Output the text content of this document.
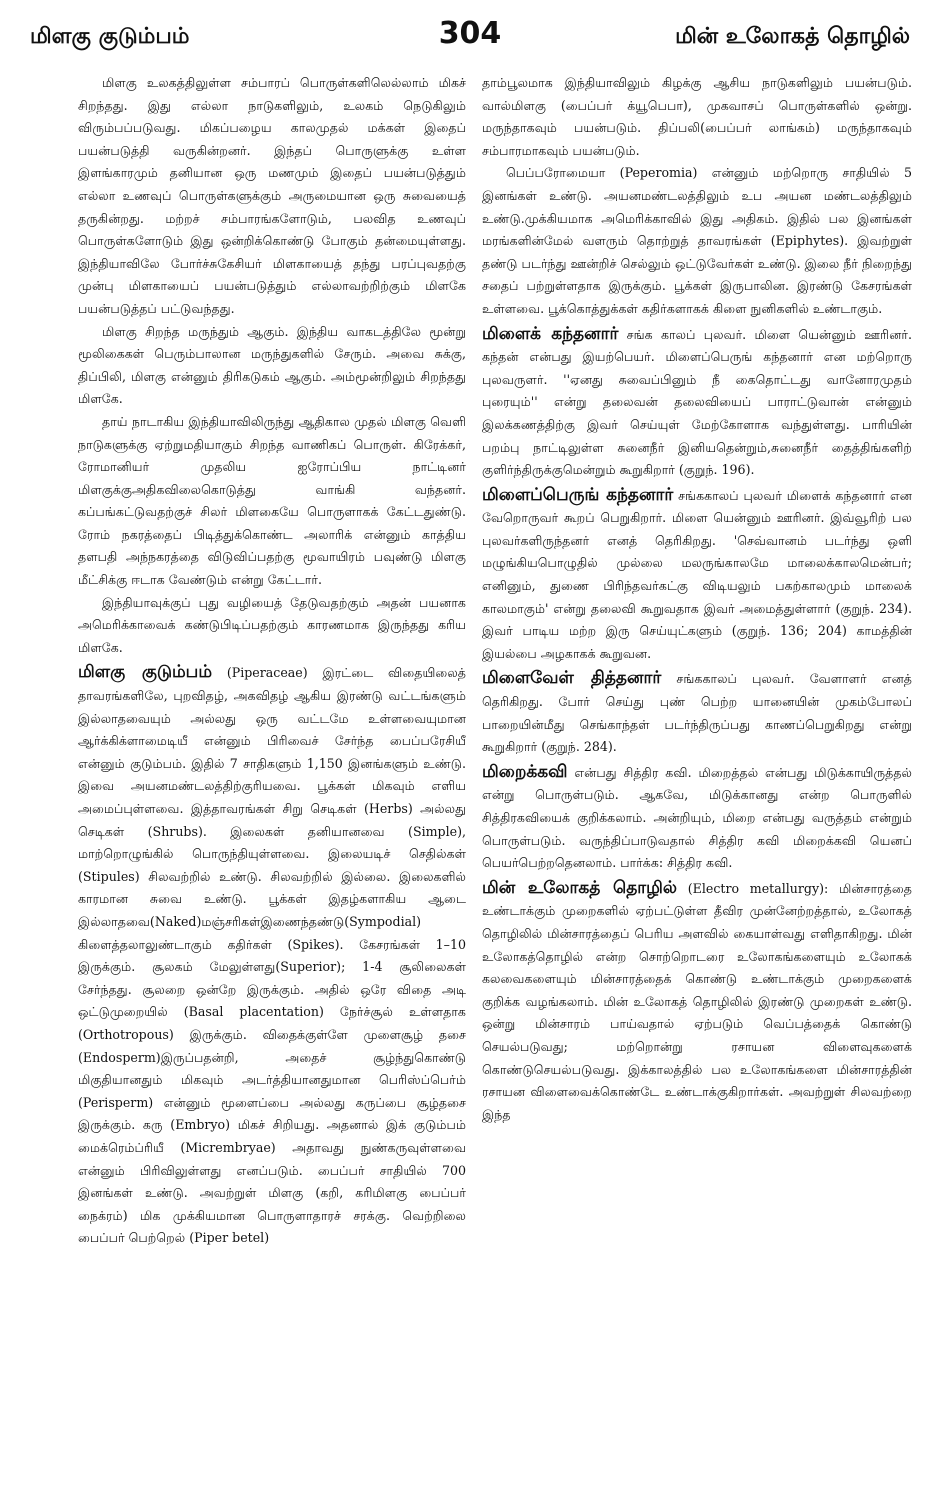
மிளகு குடும்பம்	304	மின் உலோகத் தொழில்

மிளகு உலகத்திலுள்ள சம்பாரப் பொருள்களிலெல்லாம் மிகச் சிறந்தது. இது எல்லா நாடுகளிலும், உலகம் நெடுகிலும் விரும்பப்படுவது. மிகப்பழைய காலமுதல் மக்கள் இதைப் பயன்படுத்தி வருகின்றனர். இந்தப் பொருளுக்கு உள்ள இளங்காரமும் தனியான ஒரு மணமும் இதைப் பயன்படுத்தும் எல்லா உணவுப் பொருள்களுக்கும் அருமையான ஒரு சுவையைத் தருகின்றது. மற்றச் சம்பாரங்களோடும், பலவித உணவுப் பொருள்களோடும் இது ஒன்றிக்கொண்டு போகும் தன்மையுள்ளது. இந்தியாவிலே போர்ச்சுகேசியர் மிளகாயைத் தந்து பரப்புவதற்கு முன்பு மிளகாயைப் பயன்படுத்தும் எல்லாவற்றிற்கும் மிளகே பயன்படுத்தப் பட்டுவந்தது.

மிளகு சிறந்த மருந்தும் ஆகும். இந்திய வாகடத்திலே மூன்று மூலிகைகள் பெரும்பாலான மருந்துகளில் சேரும். அவை சுக்கு, திப்பிலி, மிளகு என்னும் திரிகடுகம் ஆகும். அம்மூன்றிலும் சிறந்தது மிளகே.

தாய் நாடாகிய இந்தியாவிலிருந்து ஆதிகால முதல் மிளகு வெளி நாடுகளுக்கு ஏற்றுமதியாகும் சிறந்த வாணிகப் பொருள். கிரேக்கர், ரோமானியர் முதலிய ஐரோப்பிய நாட்டினர் மிளகுக்குஅதிகவிலைகொடுத்து வாங்கி வந்தனர். கப்பங்கட்டுவதற்குச் சிலர் மிளகையே பொருளாகக் கேட்டதுண்டு. ரோம் நகரத்தைப் பிடித்துக்கொண்ட அலாரிக் என்னும் காத்திய தளபதி அந்நகரத்தை விடுவிப்பதற்கு மூவாயிரம் பவுண்டு மிளகு மீட்சிக்கு ஈடாக வேண்டும் என்று கேட்டார்.

இந்தியாவுக்குப் புது வழியைத் தேடுவதற்கும் அதன் பயனாக அமெரிக்காவைக் கண்டுபிடிப்பதற்கும் காரணமாக இருந்தது கரிய மிளகே.

மிளகு குடும்பம் (Piperaceae) இரட்டை விதையிலைத் தாவரங்களிலே, புறவிதழ், அகவிதழ் ஆகிய இரண்டு வட்டங்களும் இல்லாதவையும் அல்லது ஒரு வட்டமே உள்ளவையுமான ஆர்க்கிக்ளாமைடியீ என்னும் பிரிவைச் சேர்ந்த பைப்பரேசியீ என்னும் குடும்பம். இதில் 7 சாதிகளும் 1,150 இனங்களும் உண்டு. இவை அயனமண்டலத்திற்குரியவை. பூக்கள் மிகவும் எளிய அமைப்புள்ளவை. இத்தாவரங்கள் சிறு செடிகள் (Herbs) அல்லது செடிகள் (Shrubs). இலைகள் தனியானவை (Simple), மாற்றொழுங்கில் பொருந்தியுள்ளவை. இலையடிச் செதில்கள் (Stipules) சிலவற்றில் உண்டு. சிலவற்றில் இல்லை. இலைகளில் காரமான சுவை உண்டு. பூக்கள் இதழ்களாகிய ஆடை இல்லாதவை(Naked)மஞ்சரிகள்இணைந்தண்டு(Sympodial) கிளைத்தலாலுண்டாகும் கதிர்கள் (Spikes). கேசரங்கள் 1–10 இருக்கும். சூலகம் மேலுள்ளது(Superior); 1-4 சூலிலைகள் சேர்ந்தது. சூலறை ஒன்றே இருக்கும். அதில் ஒரே விதை அடி ஒட்டுமுறையில் (Basal placentation) நேர்ச்சூல் உள்ளதாக (Orthotropous) இருக்கும். விதைக்குள்ளே முளைசூழ் தசை (Endosperm)இருப்பதன்றி, அதைச் சூழ்ந்துகொண்டு மிகுதியானதும் மிகவும் அடர்த்தியானதுமான பெரிஸ்ப்பெர்ம் (Perisperm) என்னும் மூளைப்பை அல்லது கருப்பை சூழ்தசை இருக்கும். கரு (Embryo) மிகச் சிறியது. அதனால் இக் குடும்பம் மைக்ரெம்ப்ரியீ (Micrembryae) அதாவது நுண்கருவுள்ளவை என்னும் பிரிவிலுள்ளது எனப்படும். பைப்பர் சாதியில் 700 இனங்கள் உண்டு. அவற்றுள் மிளகு (கறி, கரிமிளகு பைப்பர் நைக்ரம்) மிக முக்கியமான பொருளாதாரச் சரக்கு. வெற்றிலை பைப்பர் பெற்றெல் (Piper betel)

தாம்பூலமாக இந்தியாவிலும் கிழக்கு ஆசிய நாடுகளிலும் பயன்படும். வால்மிளகு (பைப்பர் க்யூபெபா), முகவாசப் பொருள்களில் ஒன்று. மருந்தாகவும் பயன்படும். திப்பலி(பைப்பர் லாங்கம்) மருந்தாகவும் சம்பாரமாகவும் பயன்படும்.

பெப்பரோமையா (Peperomia) என்னும் மற்றொரு சாதியில் 5 இனங்கள் உண்டு. அயனமண்டலத்திலும் உப அயன மண்டலத்திலும் உண்டு.முக்கியமாக அமெரிக்காவில் இது அதிகம். இதில் பல இனங்கள் மரங்களின்மேல் வளரும் தொற்றுத் தாவரங்கள் (Epiphytes). இவற்றுள் தண்டு படர்ந்து ஊன்றிச் செல்லும் ஒட்டுவேர்கள் உண்டு. இலை நீர் நிறைந்து சதைப் பற்றுள்ளதாக இருக்கும். பூக்கள் இருபாலின. இரண்டு கேசரங்கள் உள்ளவை. பூக்கொத்துக்கள் கதிர்களாகக் கிளை நுனிகளில் உண்டாகும்.

மிளைக் கந்தனார் சங்க காலப் புலவர். மிளை யென்னும் ஊரினர். கந்தன் என்பது இயற்பெயர். மிளைப்பெருங் கந்தனார் என மற்றொரு புலவருளர். ''ஏனது சுவைப்பினும் நீ கைதொட்டது வானோரமுதம் புரையும்'' என்று தலைவன் தலைவியைப் பாராட்டுவான் என்னும் இலக்கணத்திற்கு இவர் செய்யுள் மேற்கோளாக வந்துள்ளது. பாரியின் பறம்பு நாட்டிலுள்ள சுனைநீர் இனியதென்றும்,சுனைநீர் தைத்திங்களிற் குளிர்ந்திருக்குமென்றும் கூறுகிறார் (குறுந். 196).

மிளைப்பெருங் கந்தனார் சங்ககாலப் புலவர் மிளைக் கந்தனார் என வேறொருவர் கூறப் பெறுகிறார். மிளை யென்னும் ஊரினர். இவ்வூரிற் பல புலவர்களிருந்தனர் எனத் தெரிகிறது. 'செவ்வானம் படர்ந்து ஒளி மழுங்கியபொழுதில் முல்லை மலருங்காலமே மாலைக்காலமென்பர்; எனினும், துணை பிரிந்தவர்கட்கு விடியலும் பகற்காலமும் மாலைக் காலமாகும்' என்று தலைவி கூறுவதாக இவர் அமைத்துள்ளார் (குறுந். 234). இவர் பாடிய மற்ற இரு செய்யுட்களும் (குறுந். 136; 204) காமத்தின் இயல்பை அழகாகக் கூறுவன.

மிளைவேள் தித்தனார் சங்ககாலப் புலவர். வேளாளர் எனத் தெரிகிறது. போர் செய்து புண் பெற்ற யானையின் முகம்போலப் பாறையின்மீது செங்காந்தள் படர்ந்திருப்பது காணப்பெறுகிறது என்று கூறுகிறார் (குறுந். 284).

மிறைக்கவி என்பது சித்திர கவி. மிறைத்தல் என்பது மிடுக்காயிருத்தல் என்று பொருள்படும். ஆகவே, மிடுக்கானது என்ற பொருளில் சித்திரகவியைக் குறிக்கலாம். அன்றியும், மிறை என்பது வருத்தம் என்றும் பொருள்படும். வருந்திப்பாடுவதால் சித்திர கவி மிறைக்கவி யெனப் பெயர்பெற்றதெனலாம். பார்க்க: சித்திர கவி.

மின் உலோகத் தொழில் (Electro metallurgy): மின்சாரத்தை உண்டாக்கும் முறைகளில் ஏற்பட்டுள்ள தீவிர முன்னேற்றத்தால், உலோகத் தொழிலில் மின்சாரத்தைப் பெரிய அளவில் கையாள்வது எளிதாகிறது. மின் உலோகத்தொழில் என்ற சொற்றொடரை உலோகங்களையும் உலோகக் கலவைகளையும் மின்சாரத்தைக் கொண்டு உண்டாக்கும் முறைகளைக் குறிக்க வழங்கலாம். மின் உலோகத் தொழிலில் இரண்டு முறைகள் உண்டு. ஒன்று மின்சாரம் பாய்வதால் ஏற்படும் வெப்பத்தைக் கொண்டு செயல்படுவது; மற்றொன்று ரசாயன விளைவுகளைக் கொண்டுசெயல்படுவது. இக்காலத்தில் பல உலோகங்களை மின்சாரத்தின் ரசாயன விளைவைக்கொண்டே உண்டாக்குகிறார்கள். அவற்றுள் சிலவற்றை இந்த
